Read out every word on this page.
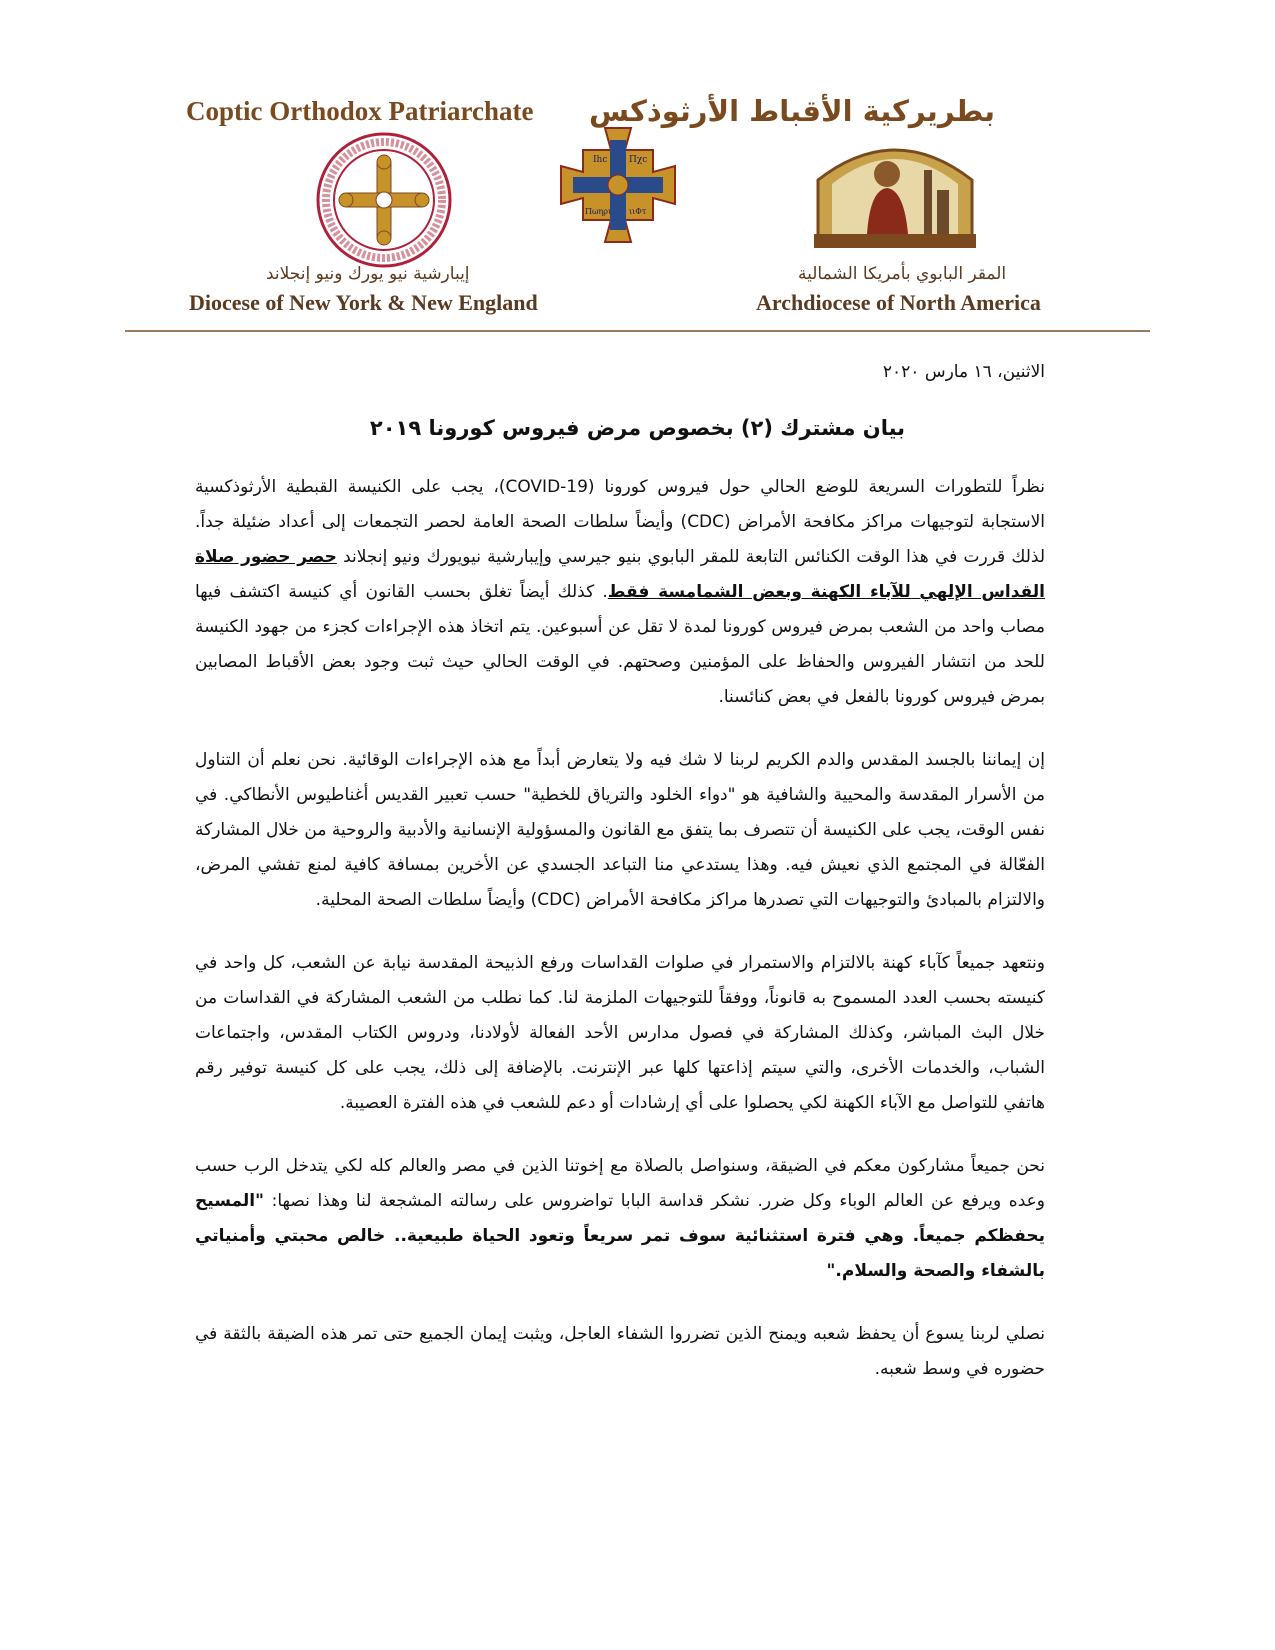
Coptic Orthodox Patriarchate بطريركية الأقباط الأرثوذكس
Ihc Πχc
Πωηρι ιιΦτ
إيبارشية نيو يورك ونيو إنجلاند
Diocese of New York & New England
المقر البابوي بأمريكا الشمالية
Archdiocese of North America
الاثنين، ١٦ مارس ٢٠٢٠
بيان مشترك (٢) بخصوص مرض فيروس كورونا ٢٠١٩

نظراً للتطورات السريعة للوضع الحالي حول فيروس كورونا (COVID-19)، يجب على الكنيسة القبطية الأرثوذكسية الاستجابة لتوجيهات مراكز مكافحة الأمراض (CDC) وأيضاً سلطات الصحة العامة لحصر التجمعات إلى أعداد ضئيلة جداً. لذلك قررت في هذا الوقت الكنائس التابعة للمقر البابوي بنيو جيرسي وإيبارشية نيويورك ونيو إنجلاند حصر حضور صلاة القداس الإلهي للآباء الكهنة وبعض الشمامسة فقط. كذلك أيضاً تغلق بحسب القانون أي كنيسة اكتشف فيها مصاب واحد من الشعب بمرض فيروس كورونا لمدة لا تقل عن أسبوعين. يتم اتخاذ هذه الإجراءات كجزء من جهود الكنيسة للحد من انتشار الفيروس والحفاظ على المؤمنين وصحتهم. في الوقت الحالي حيث ثبت وجود بعض الأقباط المصابين بمرض فيروس كورونا بالفعل في بعض كنائسنا.

إن إيماننا بالجسد المقدس والدم الكريم لربنا لا شك فيه ولا يتعارض أبداً مع هذه الإجراءات الوقائية. نحن نعلم أن التناول من الأسرار المقدسة والمحيية والشافية هو "دواء الخلود والترياق للخطية" حسب تعبير القديس أغناطيوس الأنطاكي. في نفس الوقت، يجب على الكنيسة أن تتصرف بما يتفق مع القانون والمسؤولية الإنسانية والأدبية والروحية من خلال المشاركة الفعّالة في المجتمع الذي نعيش فيه. وهذا يستدعي منا التباعد الجسدي عن الأخرين بمسافة كافية لمنع تفشي المرض، والالتزام بالمبادئ والتوجيهات التي تصدرها مراكز مكافحة الأمراض (CDC) وأيضاً سلطات الصحة المحلية.

ونتعهد جميعاً كآباء كهنة بالالتزام والاستمرار في صلوات القداسات ورفع الذبيحة المقدسة نيابة عن الشعب، كل واحد في كنيسته بحسب العدد المسموح به قانوناً، ووفقاً للتوجيهات الملزمة لنا. كما نطلب من الشعب المشاركة في القداسات من خلال البث المباشر، وكذلك المشاركة في فصول مدارس الأحد الفعالة لأولادنا، ودروس الكتاب المقدس، واجتماعات الشباب، والخدمات الأخرى، والتي سيتم إذاعتها كلها عبر الإنترنت. بالإضافة إلى ذلك، يجب على كل كنيسة توفير رقم هاتفي للتواصل مع الآباء الكهنة لكي يحصلوا على أي إرشادات أو دعم للشعب في هذه الفترة العصيبة.

نحن جميعاً مشاركون معكم في الضيقة، وسنواصل بالصلاة مع إخوتنا الذين في مصر والعالم كله لكي يتدخل الرب حسب وعده ويرفع عن العالم الوباء وكل ضرر. نشكر قداسة البابا تواضروس على رسالته المشجعة لنا وهذا نصها: "المسيح يحفظكم جميعاً. وهي فترة استثنائية سوف تمر سريعاً وتعود الحياة طبيعية.. خالص محبتي وأمنياتي بالشفاء والصحة والسلام."

نصلي لربنا يسوع أن يحفظ شعبه ويمنح الذين تضرروا الشفاء العاجل، ويثبت إيمان الجميع حتى تمر هذه الضيقة بالثقة في حضوره في وسط شعبه.
